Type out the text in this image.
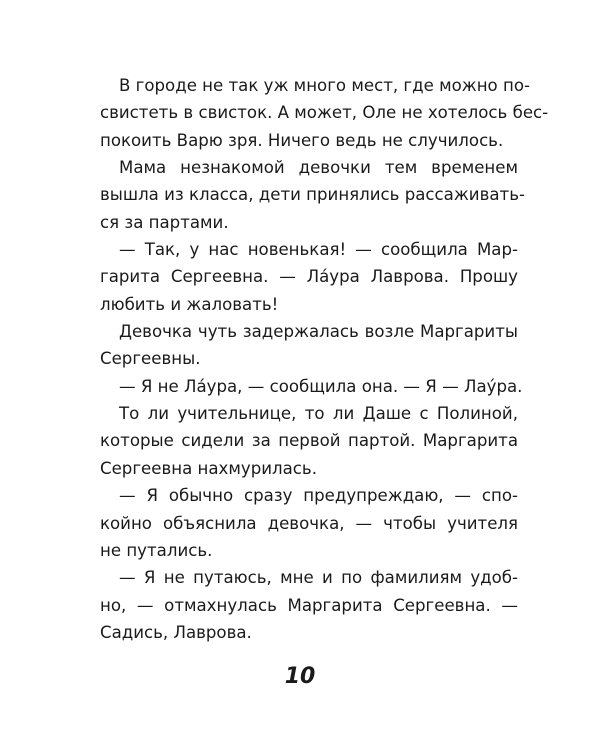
В городе не так уж много мест, где можно по-
свистеть в свисток. А может, Оле не хотелось бес-
покоить Варю зря. Ничего ведь не случилось.
Мама незнакомой девочки тем временем
вышла из класса, дети принялись рассаживать-
ся за партами.
— Так, у нас новенькая! — сообщила Мар-
гарита Сергеевна. — Ла́ура Лаврова. Прошу
любить и жаловать!
Девочка чуть задержалась возле Маргариты
Сергеевны.
— Я не Ла́ура, — сообщила она. — Я — Лау́ра.
То ли учительнице, то ли Даше с Полиной,
которые сидели за первой партой. Маргарита
Сергеевна нахмурилась.
— Я обычно сразу предупреждаю, — спо-
койно объяснила девочка, — чтобы учителя
не путались.
— Я не путаюсь, мне и по фамилиям удоб-
но, — отмахнулась Маргарита Сергеевна. —
Садись, Лаврова.
10
